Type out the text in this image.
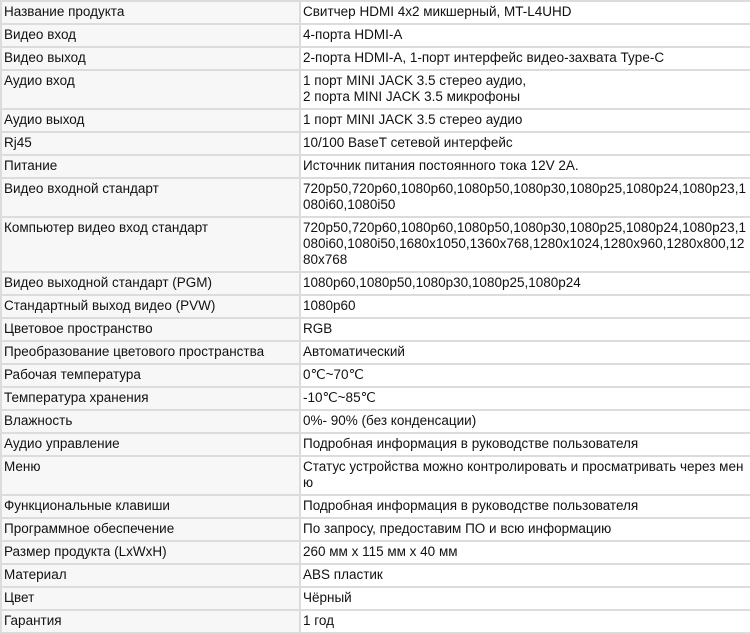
Название продукта	Свитчер HDMI 4x2 микшерный, MT-L4UHD
Видео вход	4-порта HDMI-A
Видео выход	2-порта HDMI-A, 1-порт интерфейс видео-захвата Type-C
Аудио вход	1 порт MINI JACK 3.5 стерео аудио,
2 порта MINI JACK 3.5 микрофоны

Аудио выход	1 порт MINI JACK 3.5 стерео аудио
Rj45	10/100 BaseT сетевой интерфейс
Питание	Источник питания постоянного тока 12V 2A.
Видео входной стандарт	720p50,720p60,1080p60,1080p50,1080p30,1080p25,1080p24,1080p23,1080i60,1080i50
Компьютер видео вход стандарт	720p50,720p60,1080p60,1080p50,1080p30,1080p25,1080p24,1080p23,1080i60,1080i50,1680x1050,1360x768,1280x1024,1280x960,1280x800,1280x768
Видео выходной стандарт (PGM)	1080p60,1080p50,1080p30,1080p25,1080p24
Стандартный выход видео (PVW)	1080p60
Цветовое пространство	RGB
Преобразование цветового пространства	Автоматический
Рабочая температура	0℃~70℃
Температура хранения	-10℃~85℃
Влажность	0%- 90% (без конденсации)
Аудио управление	Подробная информация в руководстве пользователя
Меню	Статус устройства можно контролировать и просматривать через меню
Функциональные клавиши	Подробная информация в руководстве пользователя
Программное обеспечение	По запросу, предоставим ПО и всю информацию
Размер продукта (LxWxH)	260 мм x 115 мм x 40 мм
Материал	ABS пластик
Цвет	Чёрный
Гарантия	1 год
